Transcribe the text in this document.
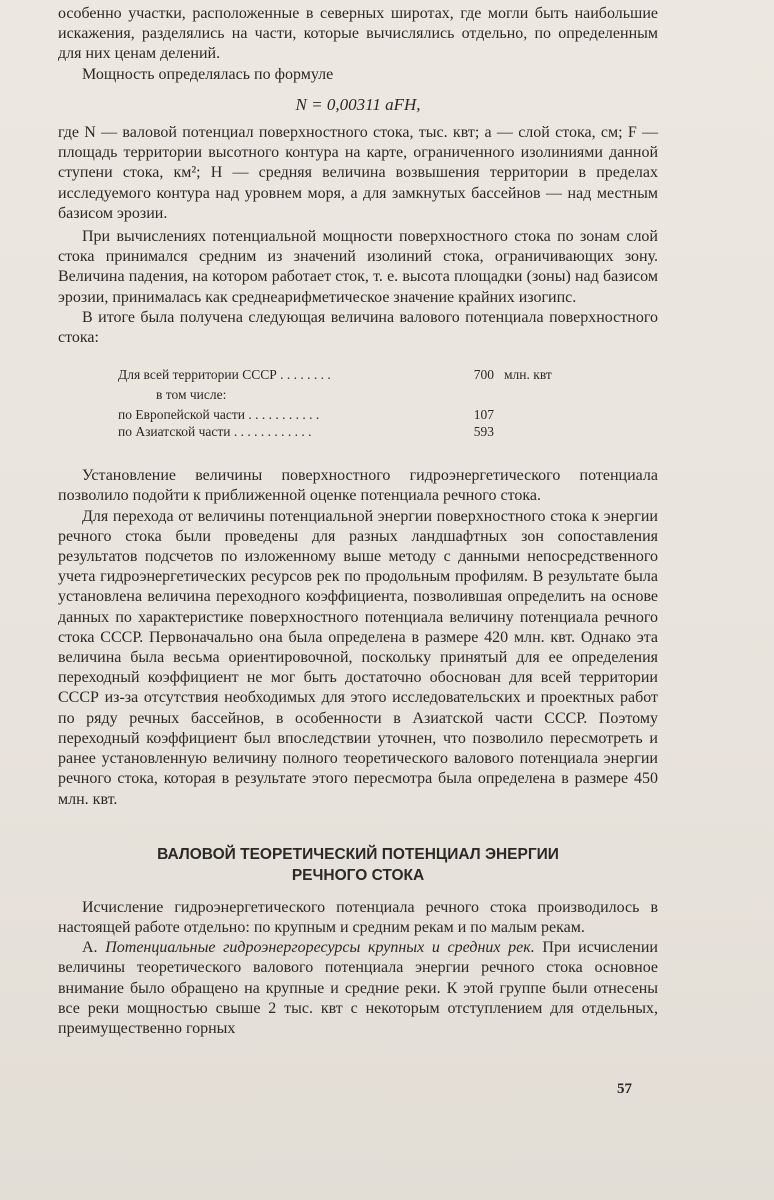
особенно участки, расположенные в северных широтах, где могли быть наибольшие искажения, разделялись на части, которые вычислялись отдельно, по определенным для них ценам делений.

Мощность определялась по формуле

N = 0,00311 aFH,

где N — валовой потенциал поверхностного стока, тыс. квт; a — слой стока, см; F — площадь территории высотного контура на карте, ограниченного изолиниями данной ступени стока, км²; H — средняя величина возвышения территории в пределах исследуемого контура над уровнем моря, а для замкнутых бассейнов — над местным базисом эрозии.

При вычислениях потенциальной мощности поверхностного стока по зонам слой стока принимался средним из значений изолиний стока, ограничивающих зону. Величина падения, на котором работает сток, т. е. высота площадки (зоны) над базисом эрозии, принималась как среднеарифметическое значение крайних изогипс.

В итоге была получена следующая величина валового потенциала поверхностного стока:

Для всей территории СССР . . . . . . . .	700 млн. квт
в том числе:
по Европейской части . . . . . . . . . . .	107
по Азиатской части . . . . . . . . . . . .	593

Установление величины поверхностного гидроэнергетического потенциала позволило подойти к приближенной оценке потенциала речного стока.

Для перехода от величины потенциальной энергии поверхностного стока к энергии речного стока были проведены для разных ландшафтных зон сопоставления результатов подсчетов по изложенному выше методу с данными непосредственного учета гидроэнергетических ресурсов рек по продольным профилям. В результате была установлена величина переходного коэффициента, позволившая определить на основе данных по характеристике поверхностного потенциала величину потенциала речного стока СССР. Первоначально она была определена в размере 420 млн. квт. Однако эта величина была весьма ориентировочной, поскольку принятый для ее определения переходный коэффициент не мог быть достаточно обоснован для всей территории СССР из-за отсутствия необходимых для этого исследовательских и проектных работ по ряду речных бассейнов, в особенности в Азиатской части СССР. Поэтому переходный коэффициент был впоследствии уточнен, что позволило пересмотреть и ранее установленную величину полного теоретического валового потенциала энергии речного стока, которая в результате этого пересмотра была определена в размере 450 млн. квт.

ВАЛОВОЙ ТЕОРЕТИЧЕСКИЙ ПОТЕНЦИАЛ ЭНЕРГИИ
РЕЧНОГО СТОКА

Исчисление гидроэнергетического потенциала речного стока производилось в настоящей работе отдельно: по крупным и средним рекам и по малым рекам.

А. Потенциальные гидроэнергоресурсы крупных и средних рек. При исчислении величины теоретического валового потенциала энергии речного стока основное внимание было обращено на крупные и средние реки. К этой группе были отнесены все реки мощностью свыше 2 тыс. квт с некоторым отступлением для отдельных, преимущественно горных

57
